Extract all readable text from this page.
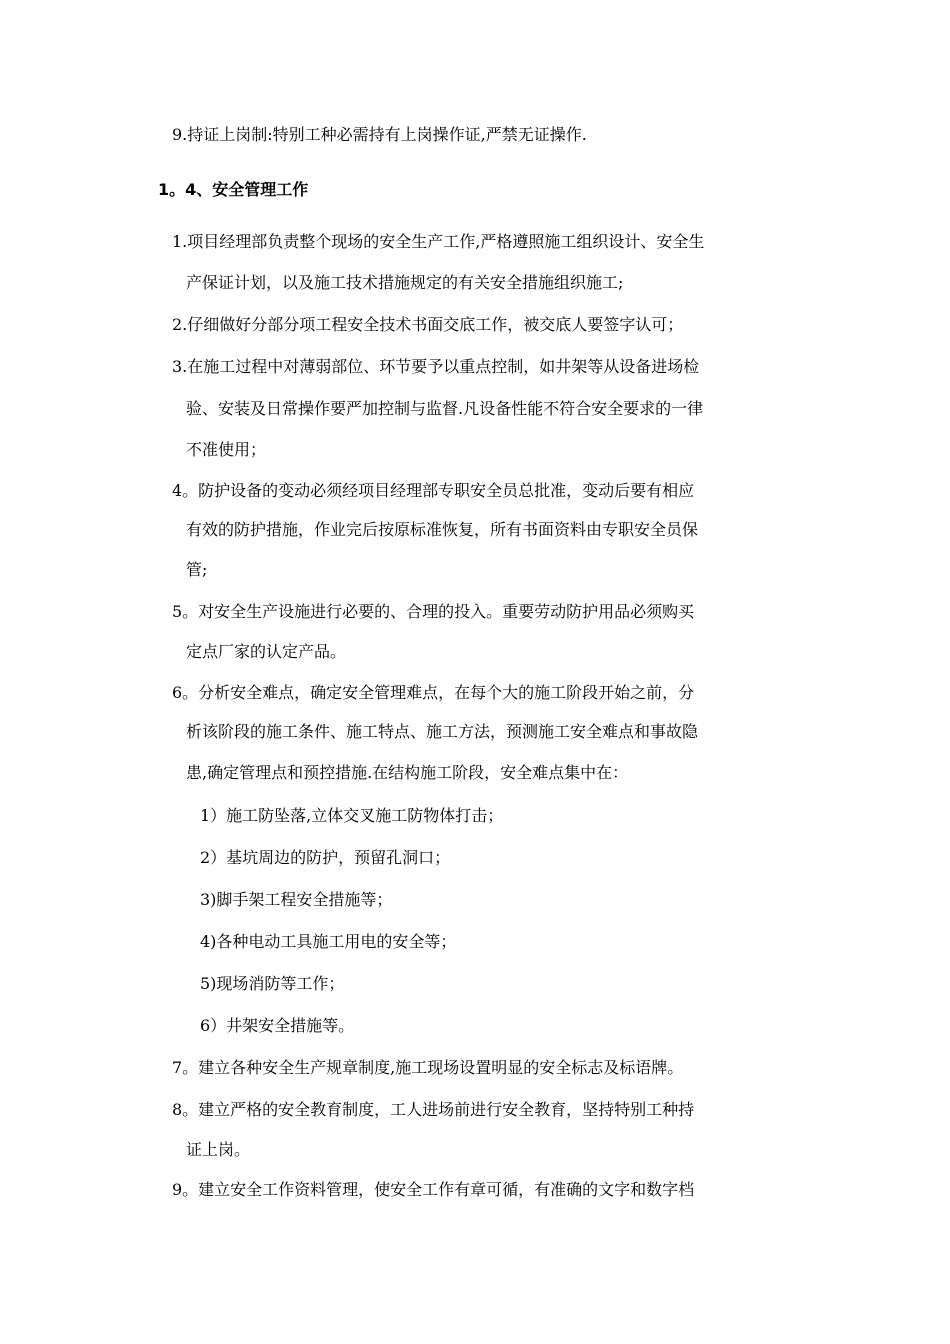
9.持证上岗制:特别工种必需持有上岗操作证,严禁无证操作.
1。4、安全管理工作
1.项目经理部负责整个现场的安全生产工作,严格遵照施工组织设计、安全生
产保证计划，以及施工技术措施规定的有关安全措施组织施工;
2.仔细做好分部分项工程安全技术书面交底工作，被交底人要签字认可；
3.在施工过程中对薄弱部位、环节要予以重点控制，如井架等从设备进场检
验、安装及日常操作要严加控制与监督.凡设备性能不符合安全要求的一律
不准使用；
4。防护设备的变动必须经项目经理部专职安全员总批准，变动后要有相应
有效的防护措施，作业完后按原标准恢复，所有书面资料由专职安全员保
管;
5。对安全生产设施进行必要的、合理的投入。重要劳动防护用品必须购买
定点厂家的认定产品。
6。分析安全难点，确定安全管理难点，在每个大的施工阶段开始之前，分
析该阶段的施工条件、施工特点、施工方法，预测施工安全难点和事故隐
患,确定管理点和预控措施.在结构施工阶段，安全难点集中在：
1）施工防坠落,立体交叉施工防物体打击；
2）基坑周边的防护，预留孔洞口；
3)脚手架工程安全措施等；
4)各种电动工具施工用电的安全等；
5)现场消防等工作；
6）井架安全措施等。
7。建立各种安全生产规章制度,施工现场设置明显的安全标志及标语牌。
8。建立严格的安全教育制度，工人进场前进行安全教育，坚持特别工种持
证上岗。
9。建立安全工作资料管理，使安全工作有章可循，有准确的文字和数字档
